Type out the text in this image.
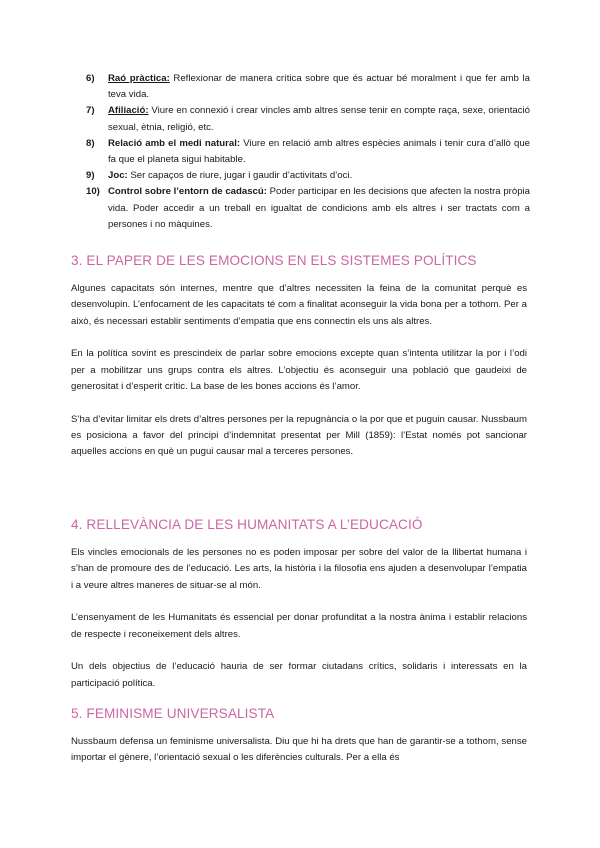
6) Raó pràctica: Reflexionar de manera crítica sobre que és actuar bé moralment i que fer amb la teva vida.
7) Afiliació: Viure en connexió i crear vincles amb altres sense tenir en compte raça, sexe, orientació sexual, ètnia, religió, etc.
8) Relació amb el medi natural: Viure en relació amb altres espècies animals i tenir cura d’allò que fa que el planeta sigui habitable.
9) Joc: Ser capaços de riure, jugar i gaudir d’activitats d’oci.
10) Control sobre l’entorn de cadascú: Poder participar en les decisions que afecten la nostra pròpia vida. Poder accedir a un treball en igualtat de condicions amb els altres i ser tractats com a persones i no màquines.
3. EL PAPER DE LES EMOCIONS EN ELS SISTEMES POLÍTICS

Algunes capacitats són internes, mentre que d’altres necessiten la feina de la comunitat perquè es desenvolupin. L’enfocament de les capacitats té com a finalitat aconseguir la vida bona per a tothom. Per a això, és necessari establir sentiments d’empatia que ens connectin els uns als altres.

En la política sovint es prescindeix de parlar sobre emocions excepte quan s’intenta utilitzar la por i l’odi per a mobilitzar uns grups contra els altres. L’objectiu és aconseguir una població que gaudeixi de generositat i d’esperit crític. La base de les bones accions és l’amor.

S’ha d’evitar limitar els drets d’altres persones per la repugnància o la por que et puguin causar. Nussbaum es posiciona a favor del principi d’indemnitat presentat per Mill (1859): l’Estat només pot sancionar aquelles accions en què un pugui causar mal a terceres persones.

4. RELLEVÀNCIA DE LES HUMANITATS A L’EDUCACIÓ

Els vincles emocionals de les persones no es poden imposar per sobre del valor de la llibertat humana i s’han de promoure des de l’educació. Les arts, la història i la filosofia ens ajuden a desenvolupar l’empatia i a veure altres maneres de situar-se al món.

L’ensenyament de les Humanitats és essencial per donar profunditat a la nostra ànima i establir relacions de respecte i reconeixement dels altres.

Un dels objectius de l’educació hauria de ser formar ciutadans crítics, solidaris i interessats en la participació política.

5. FEMINISME UNIVERSALISTA

Nussbaum defensa un feminisme universalista. Diu que hi ha drets que han de garantir-se a tothom, sense importar el gènere, l’orientació sexual o les diferències culturals. Per a ella és
